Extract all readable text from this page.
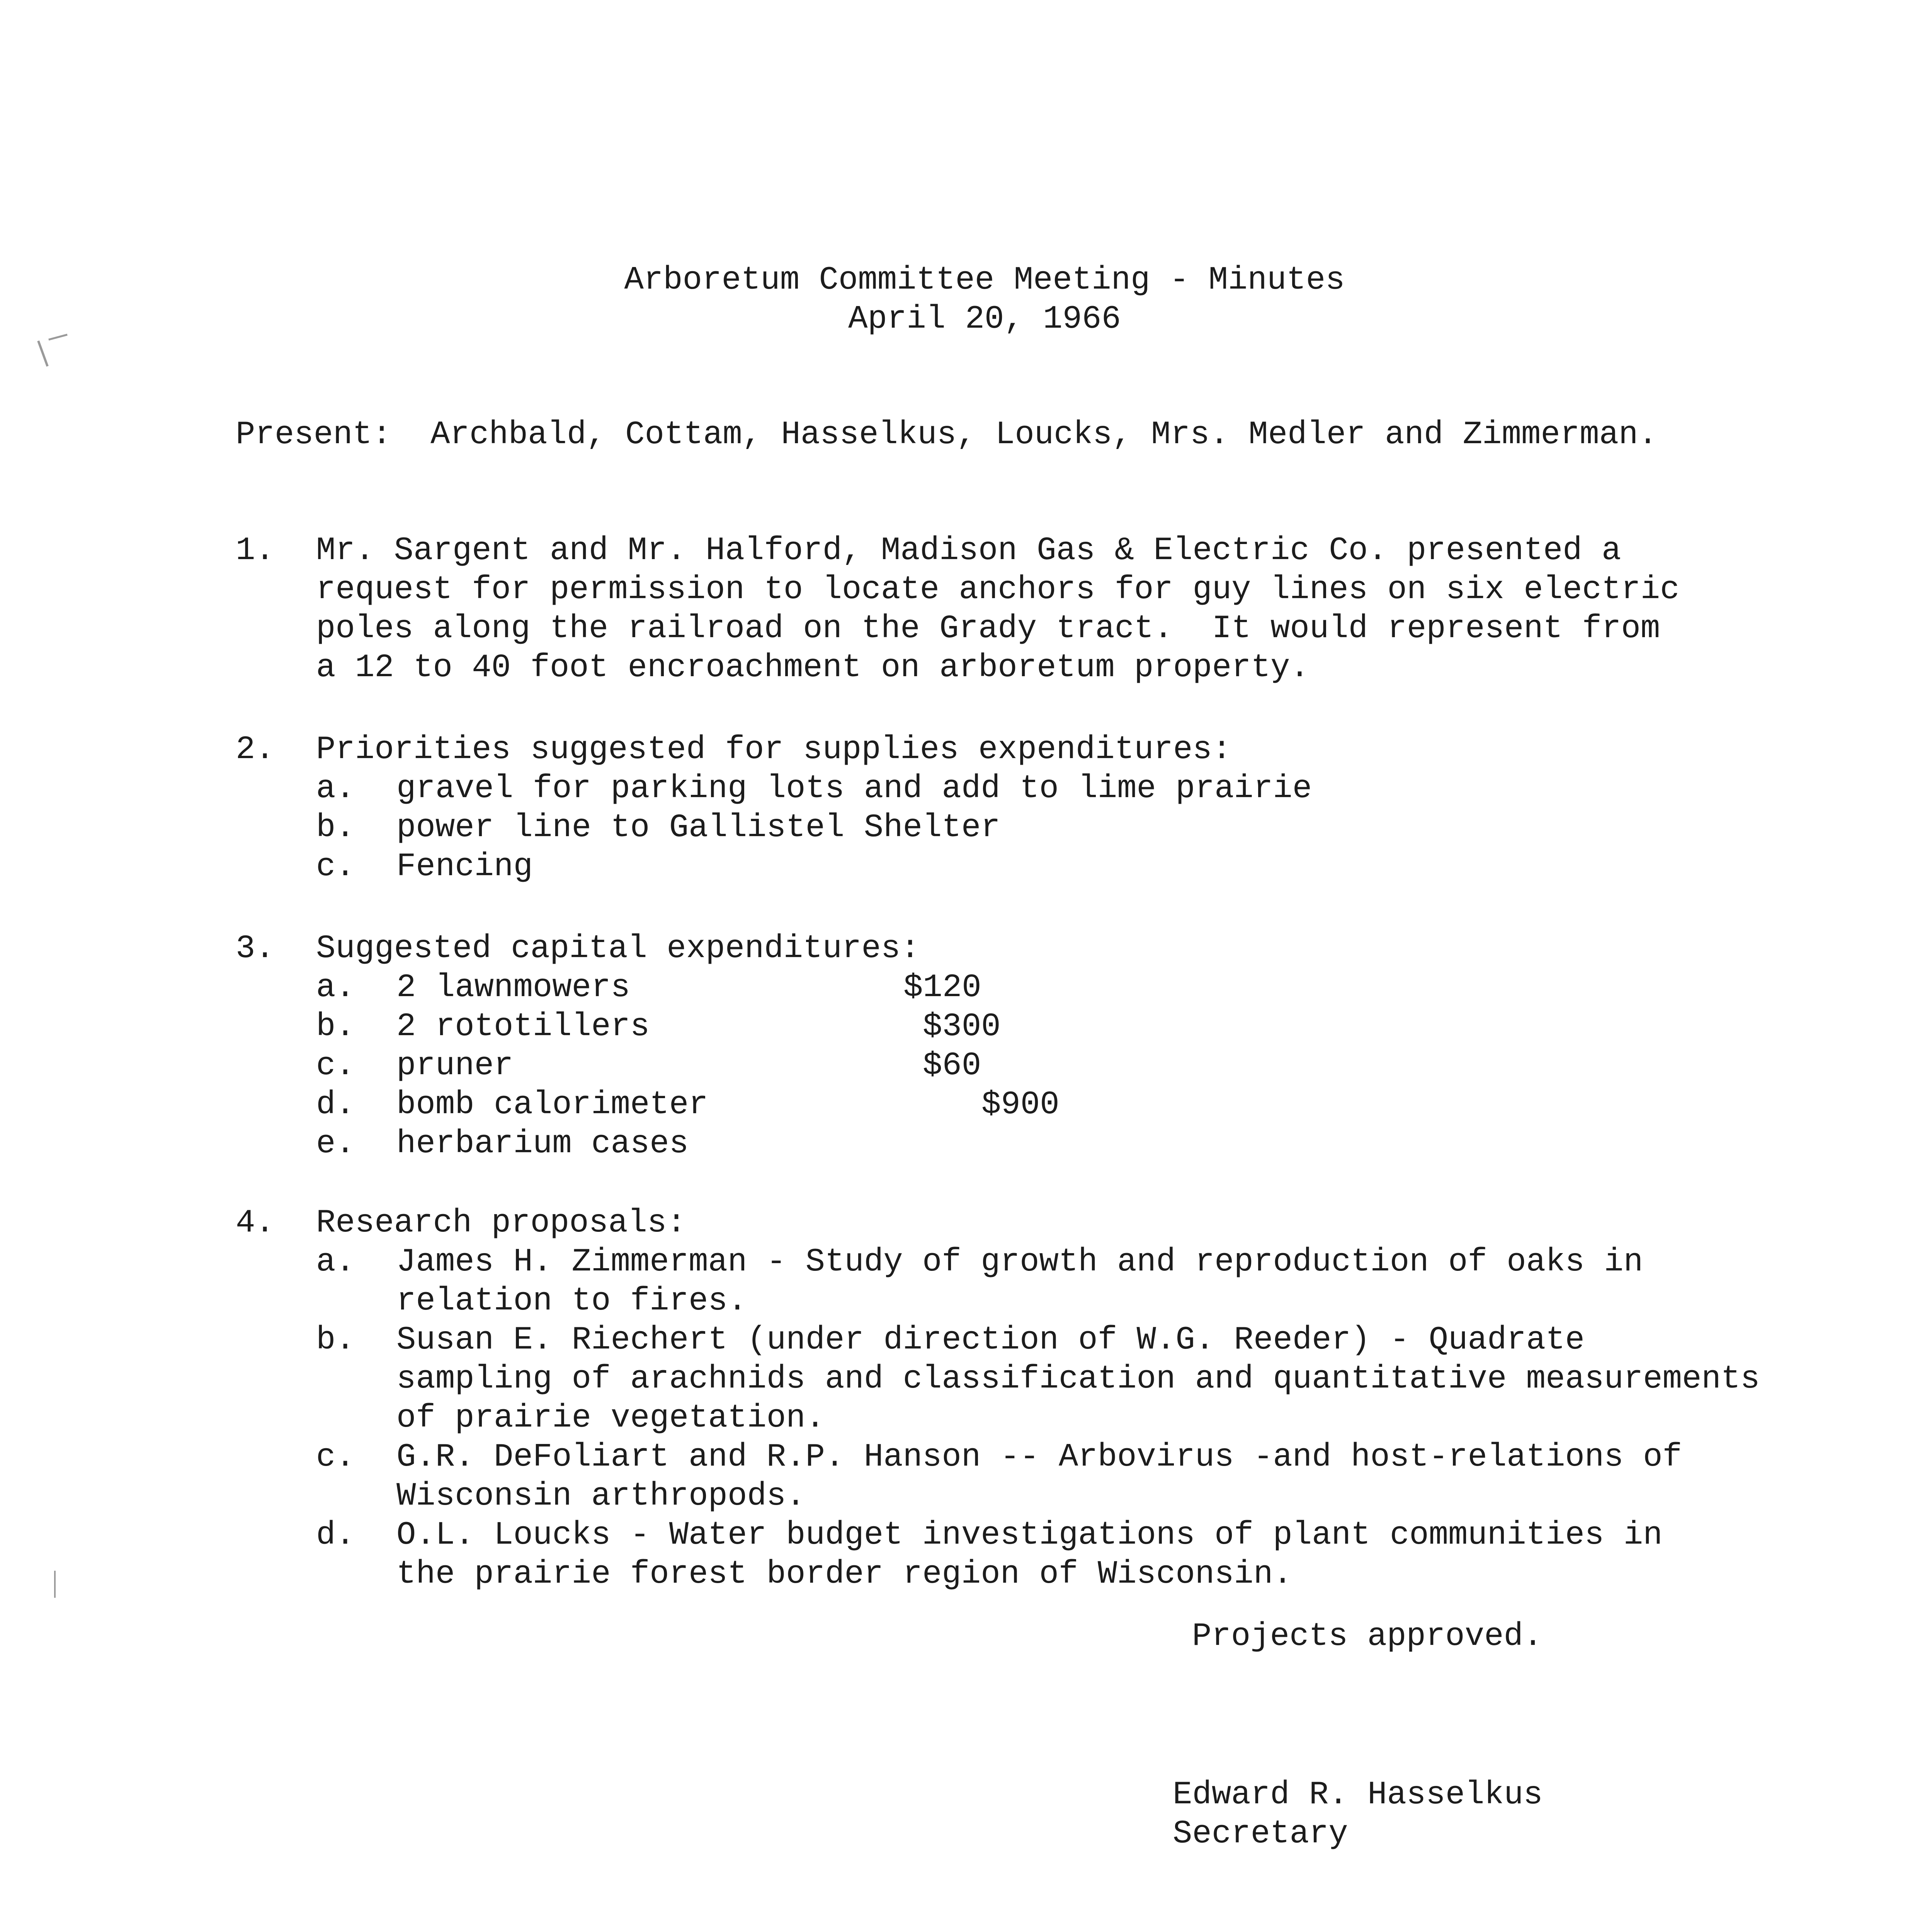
Arboretum Committee Meeting - Minutes
April 20, 1966
Present:  Archbald, Cottam, Hasselkus, Loucks, Mrs. Medler and Zimmerman.
1. Mr. Sargent and Mr. Halford, Madison Gas & Electric Co. presented a
request for permission to locate anchors for guy lines on six electric
poles along the railroad on the Grady tract.  It would represent from
a 12 to 40 foot encroachment on arboretum property.
2. Priorities suggested for supplies expenditures:
a. gravel for parking lots and add to lime prairie
b. power line to Gallistel Shelter
c. Fencing
3. Suggested capital expenditures:
a. 2 lawnmowers	$120
b. 2 rototillers	$300
c. pruner	$60
d. bomb calorimeter	$900
e. herbarium cases
4. Research proposals:
a. James H. Zimmerman - Study of growth and reproduction of oaks in
relation to fires.
b. Susan E. Riechert (under direction of W.G. Reeder) - Quadrate
sampling of arachnids and classification and quantitative measurements
of prairie vegetation.
c. G.R. DeFoliart and R.P. Hanson -- Arbovirus -and host-relations of
Wisconsin arthropods.
d. O.L. Loucks - Water budget investigations of plant communities in
the prairie forest border region of Wisconsin.
Projects approved.
Edward R. Hasselkus
Secretary
